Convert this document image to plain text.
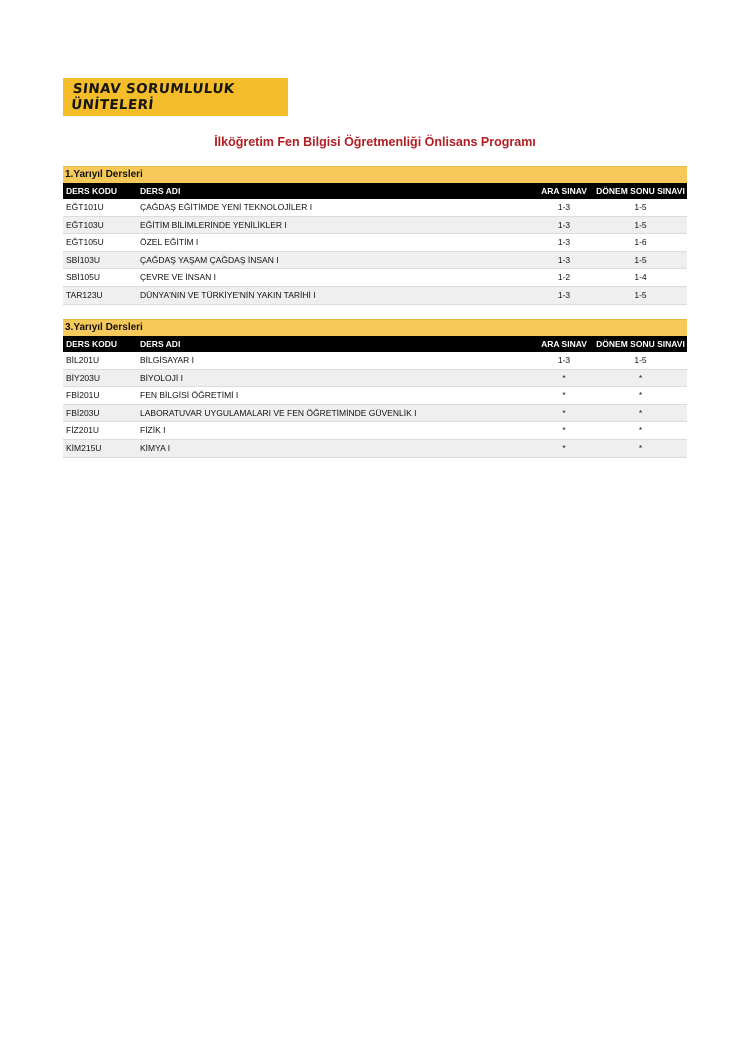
SINAV SORUMLULUK ÜNİTELERİ
İlköğretim Fen Bilgisi Öğretmenliği Önlisans Programı
1.Yarıyıl Dersleri
DERS KODU	DERS ADI	ARA SINAV	DÖNEM SONU SINAVI
EĞT101U	ÇAĞDAŞ EĞİTİMDE YENİ TEKNOLOJİLER I	1-3	1-5
EĞT103U	EĞİTİM BİLİMLERİNDE YENİLİKLER I	1-3	1-5
EĞT105U	ÖZEL EĞİTİM I	1-3	1-6
SBİ103U	ÇAĞDAŞ YAŞAM ÇAĞDAŞ İNSAN I	1-3	1-5
SBİ105U	ÇEVRE VE İNSAN I	1-2	1-4
TAR123U	DÜNYA'NIN VE TÜRKİYE'NİN YAKIN TARİHİ I	1-3	1-5
3.Yarıyıl Dersleri
DERS KODU	DERS ADI	ARA SINAV	DÖNEM SONU SINAVI
BİL201U	BİLGİSAYAR I	1-3	1-5
BİY203U	BİYOLOJİ I	*	*
FBİ201U	FEN BİLGİSİ ÖĞRETİMİ I	*	*
FBİ203U	LABORATUVAR UYGULAMALARI VE FEN ÖĞRETİMİNDE GÜVENLİK I	*	*
FİZ201U	FİZİK I	*	*
KİM215U	KİMYA I	*	*
